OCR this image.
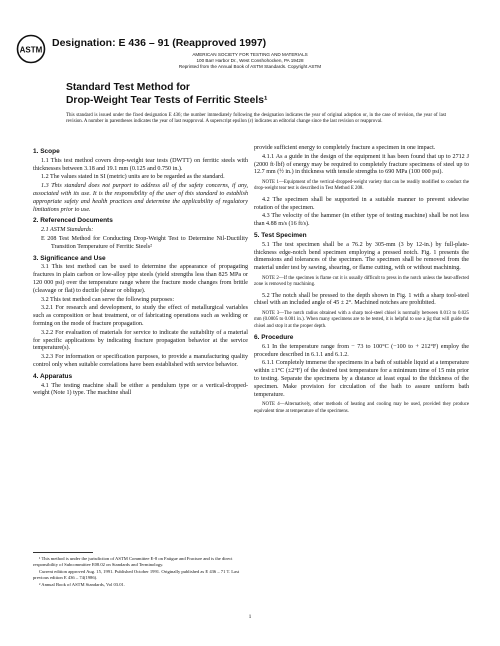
ASTM
Designation: E 436 – 91 (Reapproved 1997)
AMERICAN SOCIETY FOR TESTING AND MATERIALS
100 Barr Harbor Dr., West Conshohocken, PA 19428
Reprinted from the Annual Book of ASTM Standards. Copyright ASTM
Standard Test Method for
Drop-Weight Tear Tests of Ferritic Steels¹
This standard is issued under the fixed designation E 436; the number immediately following the designation indicates the year of original adoption or, in the case of revision, the year of last revision. A number in parentheses indicates the year of last reapproval. A superscript epsilon (ε) indicates an editorial change since the last revision or reapproval.
1. Scope

1.1 This test method covers drop-weight tear tests (DWTT) on ferritic steels with thicknesses between 3.18 and 19.1 mm (0.125 and 0.750 in.).

1.2 The values stated in SI (metric) units are to be regarded as the standard.

1.3 This standard does not purport to address all of the safety concerns, if any, associated with its use. It is the responsibility of the user of this standard to establish appropriate safety and health practices and determine the applicability of regulatory limitations prior to use.

2. Referenced Documents

2.1 ASTM Standards:

E 208 Test Method for Conducting Drop-Weight Test to Determine Nil-Ductility Transition Temperature of Ferritic Steels²

3. Significance and Use

3.1 This test method can be used to determine the appearance of propagating fractures in plain carbon or low-alloy pipe steels (yield strengths less than 825 MPa or 120 000 psi) over the temperature range where the fracture mode changes from brittle (cleavage or flat) to ductile (shear or oblique).

3.2 This test method can serve the following purposes:

3.2.1 For research and development, to study the effect of metallurgical variables such as composition or heat treatment, or of fabricating operations such as welding or forming on the mode of fracture propagation.

3.2.2 For evaluation of materials for service to indicate the suitability of a material for specific applications by indicating fracture propagation behavior at the service temperature(s).

3.2.3 For information or specification purposes, to provide a manufacturing quality control only when suitable correlations have been established with service behavior.

4. Apparatus

4.1 The testing machine shall be either a pendulum type or a vertical-dropped-weight (Note 1) type. The machine shall

provide sufficient energy to completely fracture a specimen in one impact.

4.1.1 As a guide in the design of the equipment it has been found that up to 2712 J (2000 ft·lbf) of energy may be required to completely fracture specimens of steel up to 12.7 mm (½ in.) in thickness with tensile strengths to 690 MPa (100 000 psi).

NOTE 1—Equipment of the vertical-dropped-weight variety that can be readily modified to conduct the drop-weight tear test is described in Test Method E 208.

4.2 The specimen shall be supported in a suitable manner to prevent sidewise rotation of the specimen.

4.3 The velocity of the hammer (in either type of testing machine) shall be not less than 4.88 m/s (16 ft/s).

5. Test Specimen

5.1 The test specimen shall be a 76.2 by 305-mm (3 by 12-in.) by full-plate-thickness edge-notch bend specimen employing a pressed notch. Fig. 1 presents the dimensions and tolerances of the specimen. The specimen shall be removed from the material under test by sawing, shearing, or flame cutting, with or without machining.

NOTE 2—If the specimen is flame cut it is usually difficult to press in the notch unless the heat-affected zone is removed by machining.

5.2 The notch shall be pressed to the depth shown in Fig. 1 with a sharp tool-steel chisel with an included angle of 45 ± 2°. Machined notches are prohibited.

NOTE 3—The notch radius obtained with a sharp tool-steel chisel is normally between 0.013 to 0.025 mm (0.0005 to 0.001 in.). When many specimens are to be tested, it is helpful to use a jig that will guide the chisel and stop it at the proper depth.

6. Procedure

6.1 In the temperature range from − 73 to 100°C (−100 to + 212°F) employ the procedure described in 6.1.1 and 6.1.2.

6.1.1 Completely immerse the specimens in a bath of suitable liquid at a temperature within ±1°C (±2°F) of the desired test temperature for a minimum time of 15 min prior to testing. Separate the specimens by a distance at least equal to the thickness of the specimen. Make provision for circulation of the bath to assure uniform bath temperature.

NOTE 4—Alternatively, other methods of heating and cooling may be used, provided they produce equivalent time at temperature of the specimens.

¹ This method is under the jurisdiction of ASTM Committee E-8 on Fatigue and Fracture and is the direct responsibility of Subcommittee E08.02 on Standards and Terminology.

Current edition approved Aug. 15, 1991. Published October 1991. Originally published as E 436 – 71 T. Last previous edition E 436 – 74(1986).

² Annual Book of ASTM Standards, Vol 03.01.

1
